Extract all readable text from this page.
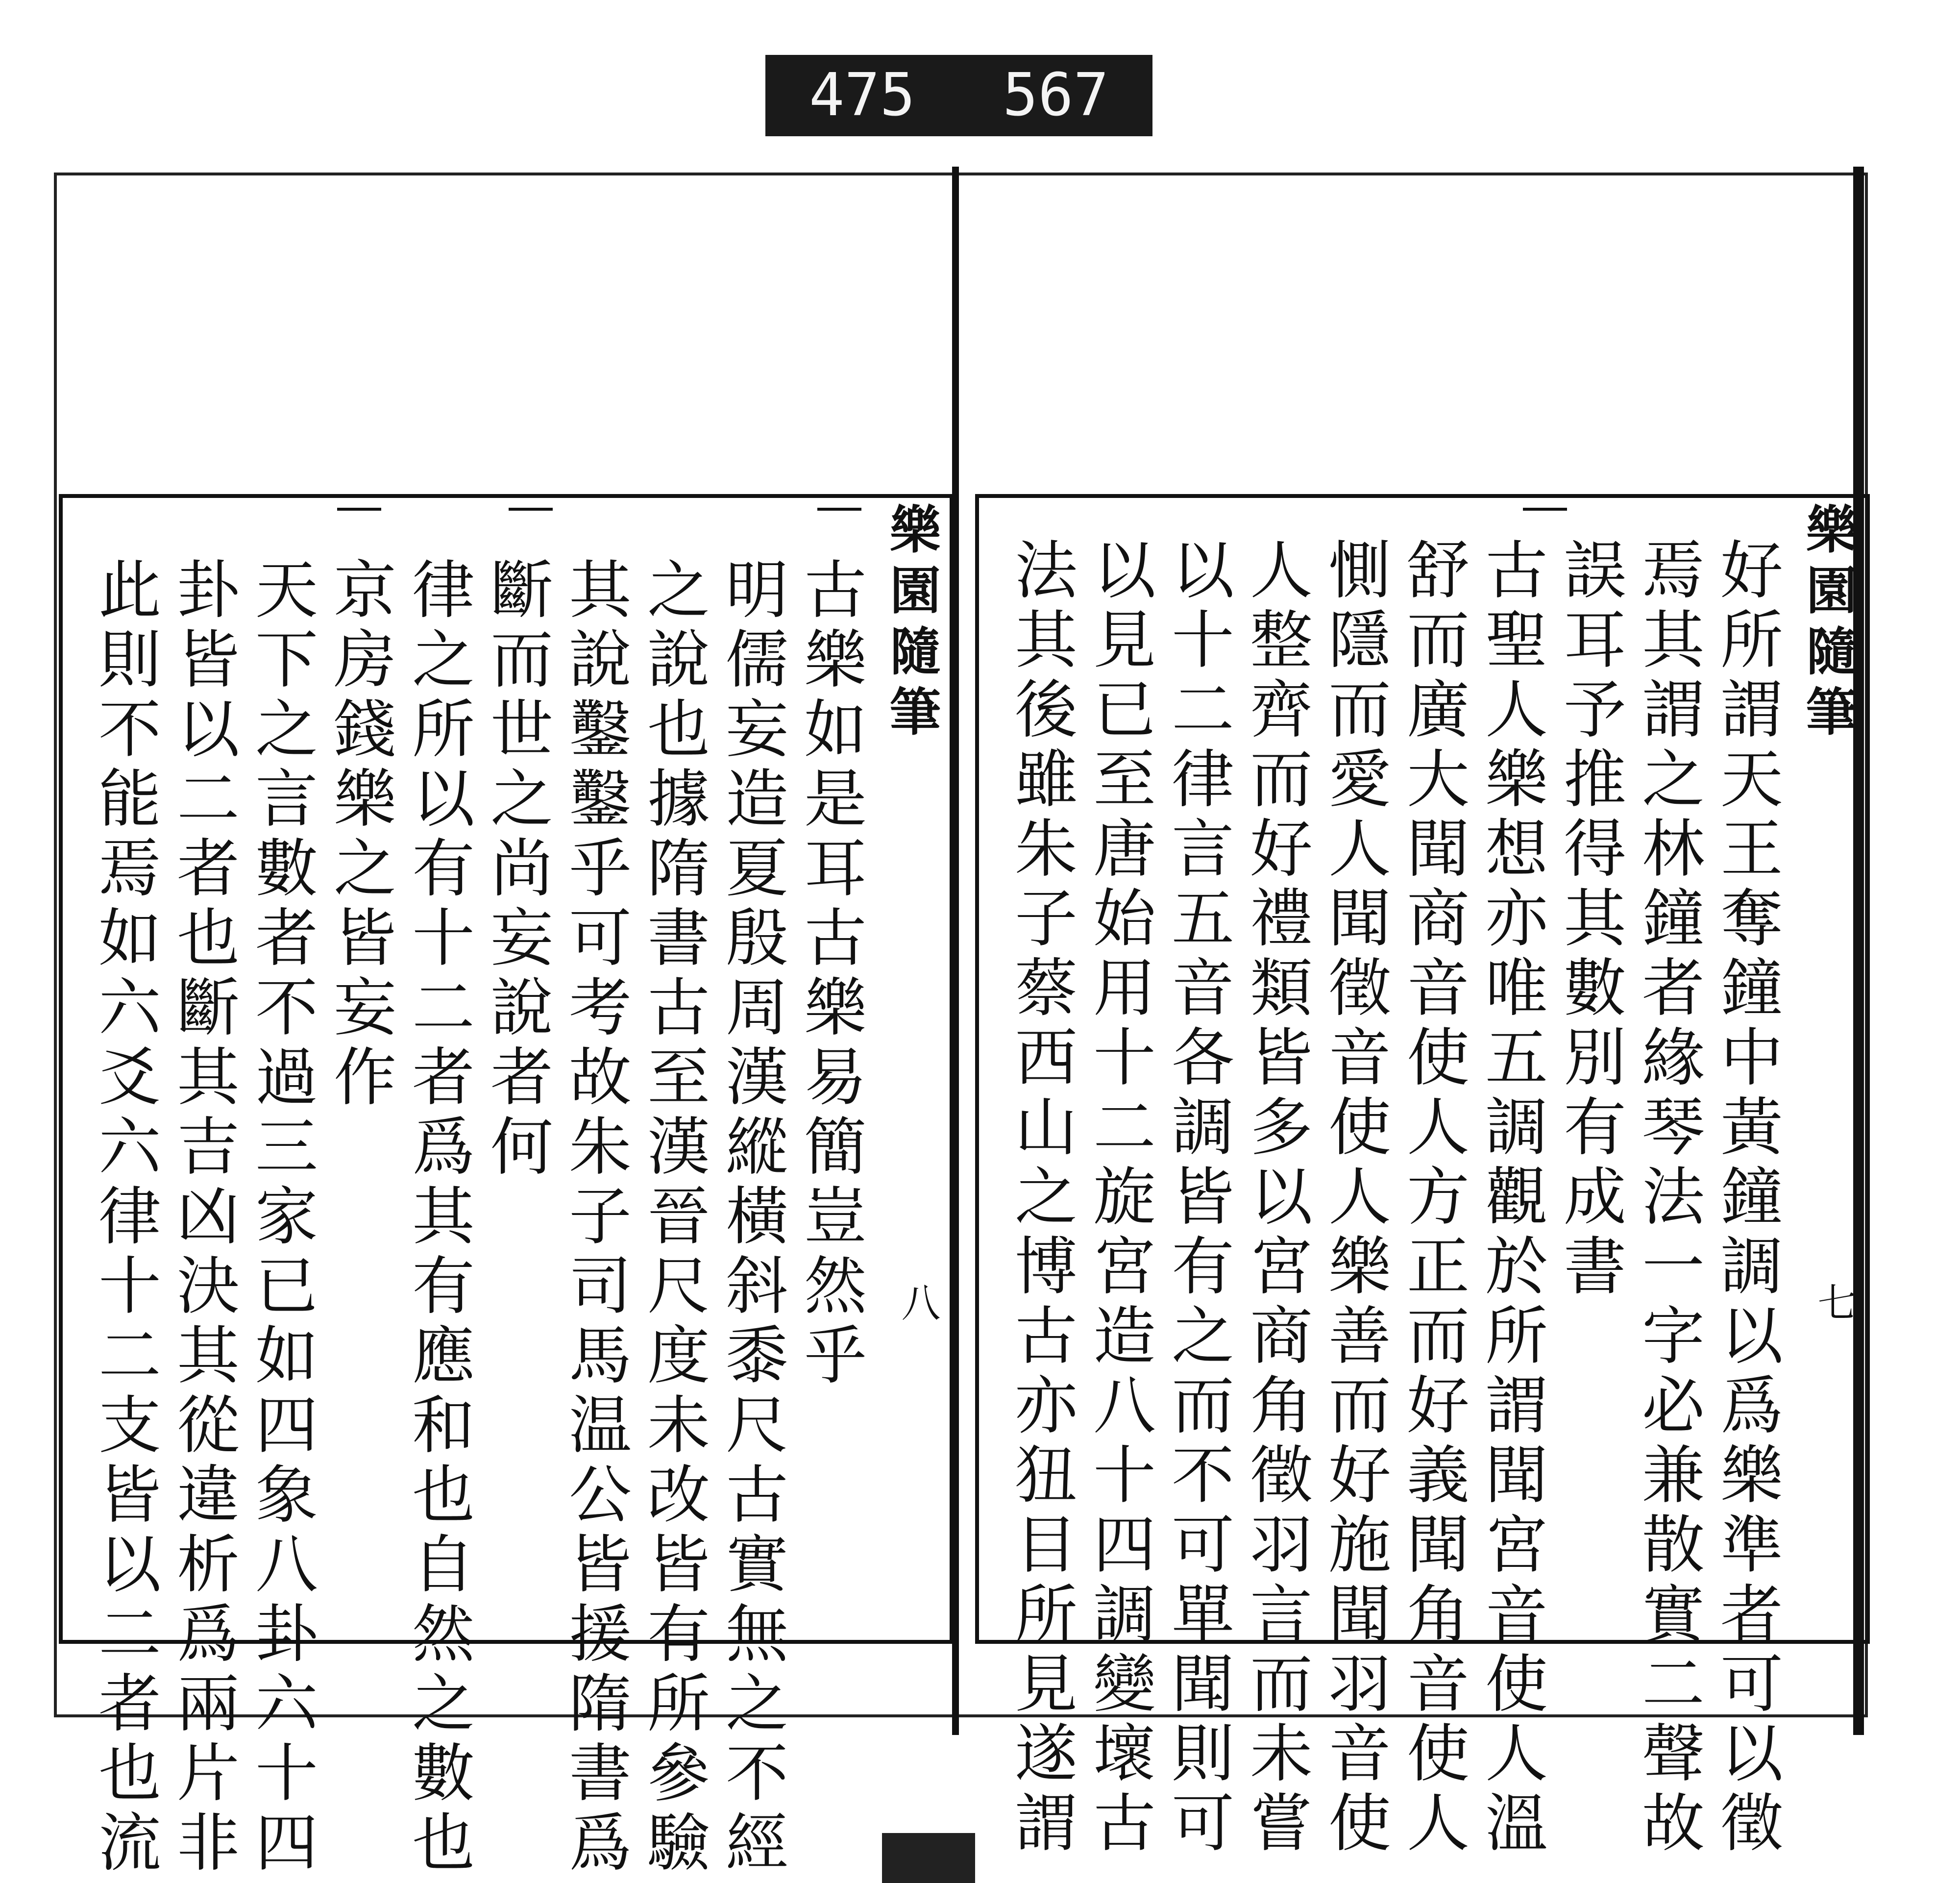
475 567
樂園隨筆
八
古樂如是耳古樂易簡豈然乎
明儒妄造夏殷周漢縱橫斜黍尺古實無之不經
之說也據隋書古至漢晉尺度未改皆有所參驗
其說鑿鑿乎可考故朱子司馬温公皆援隋書爲
斷而世之尚妄說者何
律之所以有十二者爲其有應和也自然之數也
京房錢樂之皆妄作
天下之言數者不過三家已如四象八卦六十四
卦皆以二者也斷其吉凶決其從違析爲兩片非
此則不能焉如六爻六律十二支皆以二者也流	樂園隨筆
七
好所謂天王奪鐘中黃鐘調以爲樂準者可以徵
焉其謂之林鐘者緣琴法一字必兼散實二聲故
誤耳予推得其數別有成書
古聖人樂想亦唯五調觀於所謂聞宮音使人溫
舒而廣大聞商音使人方正而好義聞角音使人
惻隱而愛人聞徵音使人樂善而好施聞羽音使
人整齊而好禮類皆多以宮商角徵羽言而未嘗
以十二律言五音各調皆有之而不可單聞則可
以見已至唐始用十二旋宮造八十四調變壞古
法其後雖朱子蔡西山之博古亦狃目所見遂謂
